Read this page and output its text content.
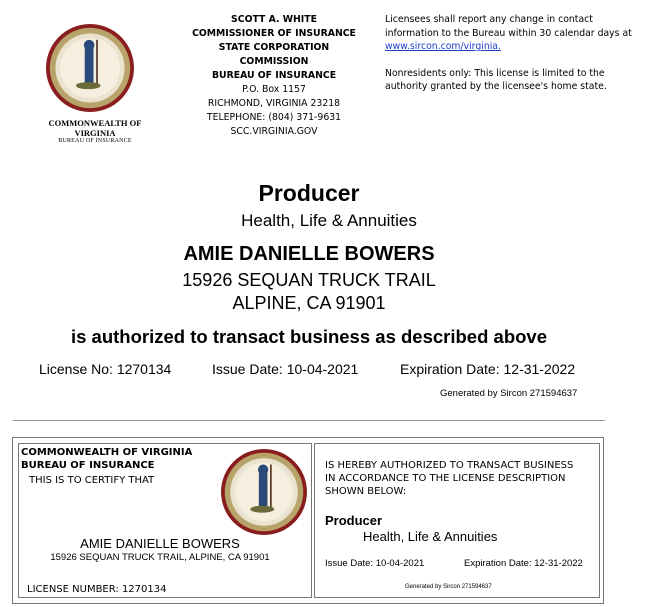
COMMONWEALTH OF
VIRGINIA
BUREAU OF INSURANCE
SCOTT A. WHITE
COMMISSIONER OF INSURANCE
STATE CORPORATION
COMMISSION
BUREAU OF INSURANCE
P.O. Box 1157
RICHMOND, VIRGINIA 23218
TELEPHONE: (804) 371-9631
SCC.VIRGINIA.GOV
Licensees shall report any change in contact
information to the Bureau within 30 calendar days at
www.sircon.com/virginia.
Nonresidents only: This license is limited to the
authority granted by the licensee's home state.
Producer
Health, Life & Annuities
AMIE DANIELLE BOWERS
15926 SEQUAN TRUCK TRAIL
ALPINE, CA 91901
is authorized to transact business as described above
License No: 1270134	Issue Date: 10-04-2021	Expiration Date: 12-31-2022
Generated by Sircon 271594637
COMMONWEALTH OF VIRGINIA
BUREAU OF INSURANCE
THIS IS TO CERTIFY THAT
AMIE DANIELLE BOWERS
15926 SEQUAN TRUCK TRAIL, ALPINE, CA 91901
LICENSE NUMBER: 1270134
IS HEREBY AUTHORIZED TO TRANSACT BUSINESS
IN ACCORDANCE TO THE LICENSE DESCRIPTION
SHOWN BELOW:
Producer
Health, Life & Annuities
Issue Date: 10-04-2021	Expiration Date: 12-31-2022
Generated by Sircon 271594637
